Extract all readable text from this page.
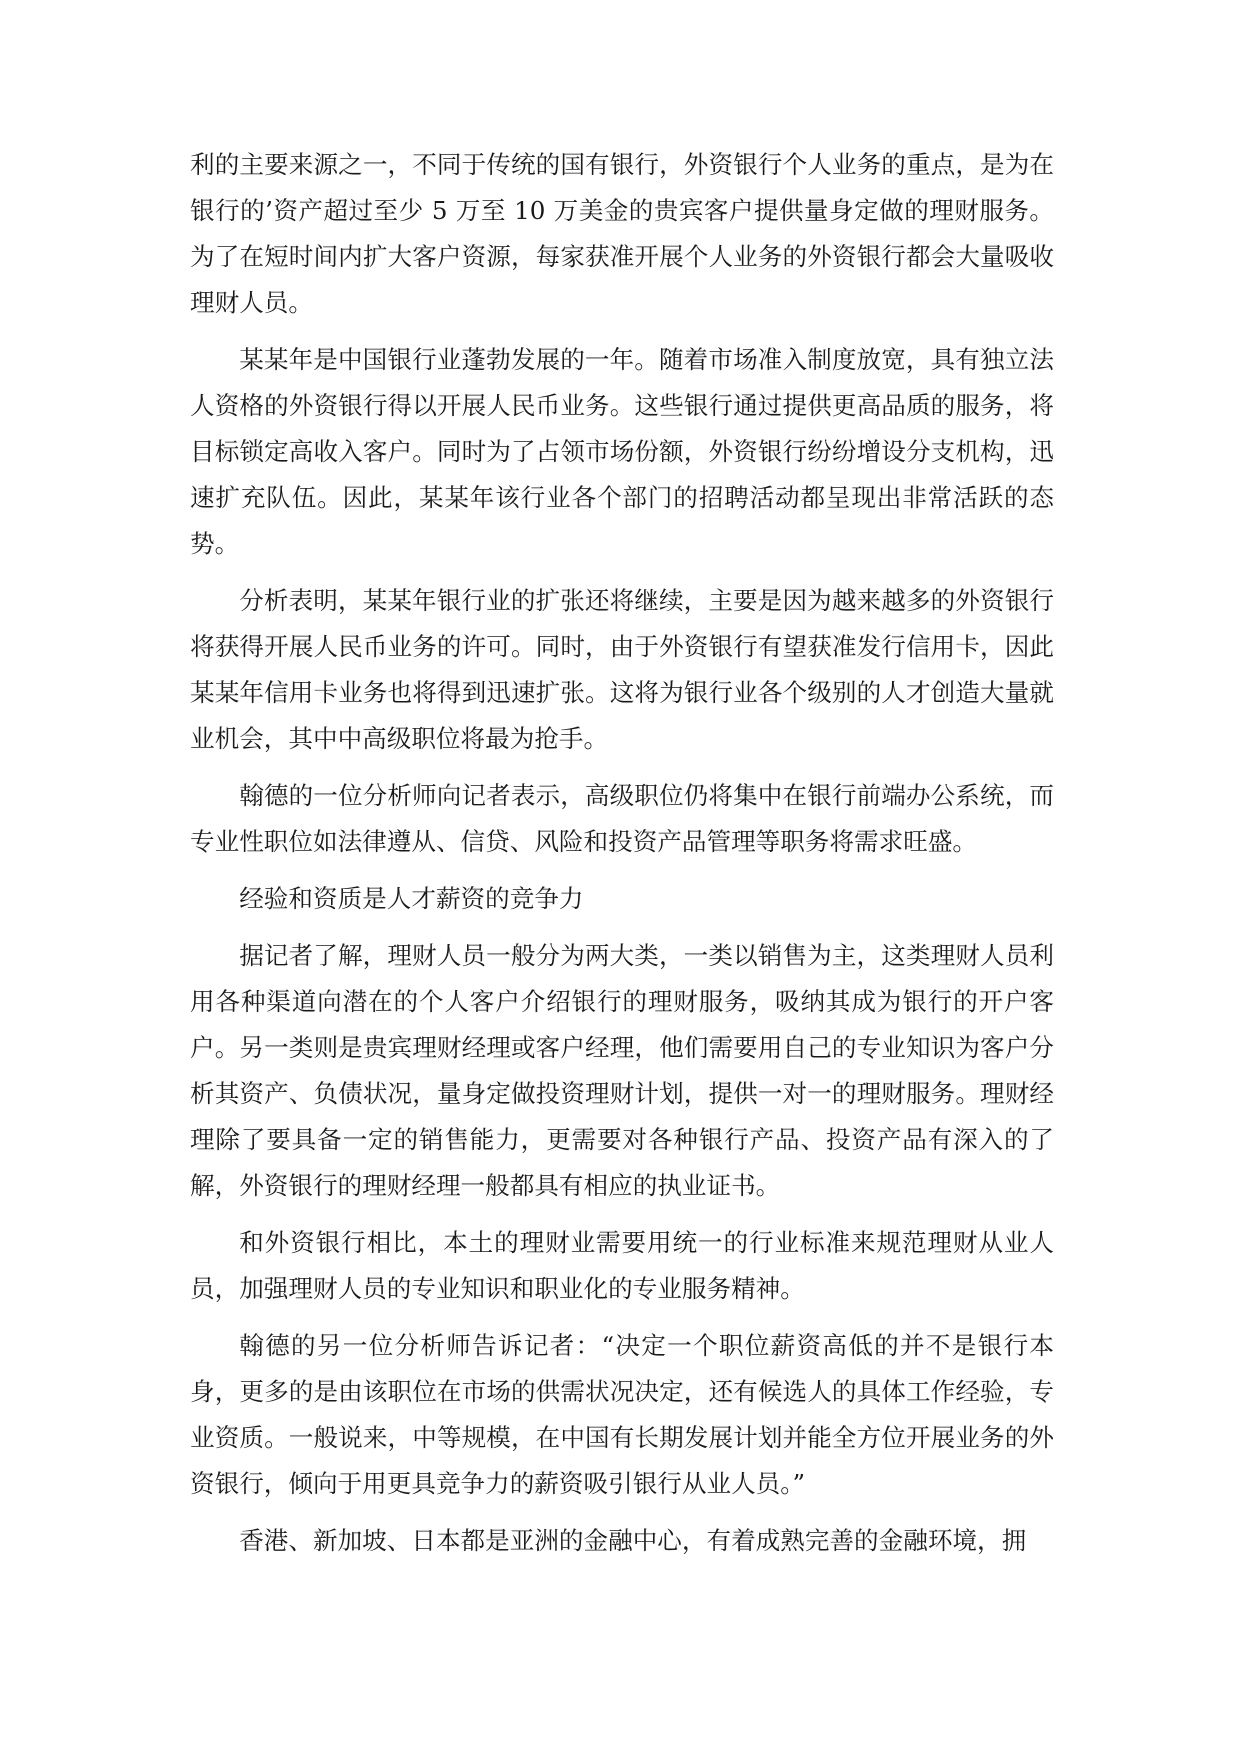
利的主要来源之一，不同于传统的国有银行，外资银行个人业务的重点，是为在银行的’资产超过至少 5 万至 10 万美金的贵宾客户提供量身定做的理财服务。为了在短时间内扩大客户资源，每家获准开展个人业务的外资银行都会大量吸收理财人员。

某某年是中国银行业蓬勃发展的一年。随着市场准入制度放宽，具有独立法人资格的外资银行得以开展人民币业务。这些银行通过提供更高品质的服务，将目标锁定高收入客户。同时为了占领市场份额，外资银行纷纷增设分支机构，迅速扩充队伍。因此，某某年该行业各个部门的招聘活动都呈现出非常活跃的态势。

分析表明，某某年银行业的扩张还将继续，主要是因为越来越多的外资银行将获得开展人民币业务的许可。同时，由于外资银行有望获准发行信用卡，因此某某年信用卡业务也将得到迅速扩张。这将为银行业各个级别的人才创造大量就业机会，其中中高级职位将最为抢手。

翰德的一位分析师向记者表示，高级职位仍将集中在银行前端办公系统，而专业性职位如法律遵从、信贷、风险和投资产品管理等职务将需求旺盛。

经验和资质是人才薪资的竞争力

据记者了解，理财人员一般分为两大类，一类以销售为主，这类理财人员利用各种渠道向潜在的个人客户介绍银行的理财服务，吸纳其成为银行的开户客户。另一类则是贵宾理财经理或客户经理，他们需要用自己的专业知识为客户分析其资产、负债状况，量身定做投资理财计划，提供一对一的理财服务。理财经理除了要具备一定的销售能力，更需要对各种银行产品、投资产品有深入的了解，外资银行的理财经理一般都具有相应的执业证书。

和外资银行相比，本土的理财业需要用统一的行业标准来规范理财从业人员，加强理财人员的专业知识和职业化的专业服务精神。

翰德的另一位分析师告诉记者：“决定一个职位薪资高低的并不是银行本身，更多的是由该职位在市场的供需状况决定，还有候选人的具体工作经验，专业资质。一般说来，中等规模，在中国有长期发展计划并能全方位开展业务的外资银行，倾向于用更具竞争力的薪资吸引银行从业人员。”

香港、新加坡、日本都是亚洲的金融中心，有着成熟完善的金融环境，拥
